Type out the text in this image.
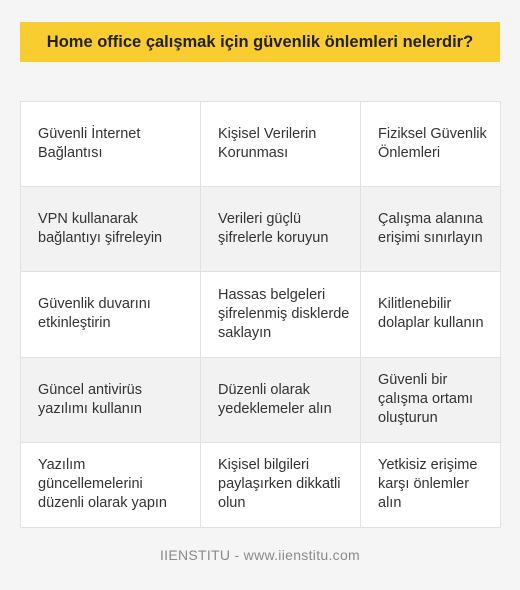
Home office çalışmak için güvenlik önlemleri nelerdir?
Güvenli İnternet Bağlantısı	Kişisel Verilerin Korunması	Fiziksel Güvenlik Önlemleri
VPN kullanarak bağlantıyı şifreleyin	Verileri güçlü şifrelerle koruyun	Çalışma alanına erişimi sınırlayın
Güvenlik duvarını etkinleştirin	Hassas belgeleri şifrelenmiş disklerde saklayın	Kilitlenebilir dolaplar kullanın
Güncel antivirüs yazılımı kullanın	Düzenli olarak yedeklemeler alın	Güvenli bir çalışma ortamı oluşturun
Yazılım güncellemelerini düzenli olarak yapın	Kişisel bilgileri paylaşırken dikkatli olun	Yetkisiz erişime karşı önlemler alın
IIENSTITU - www.iienstitu.com
